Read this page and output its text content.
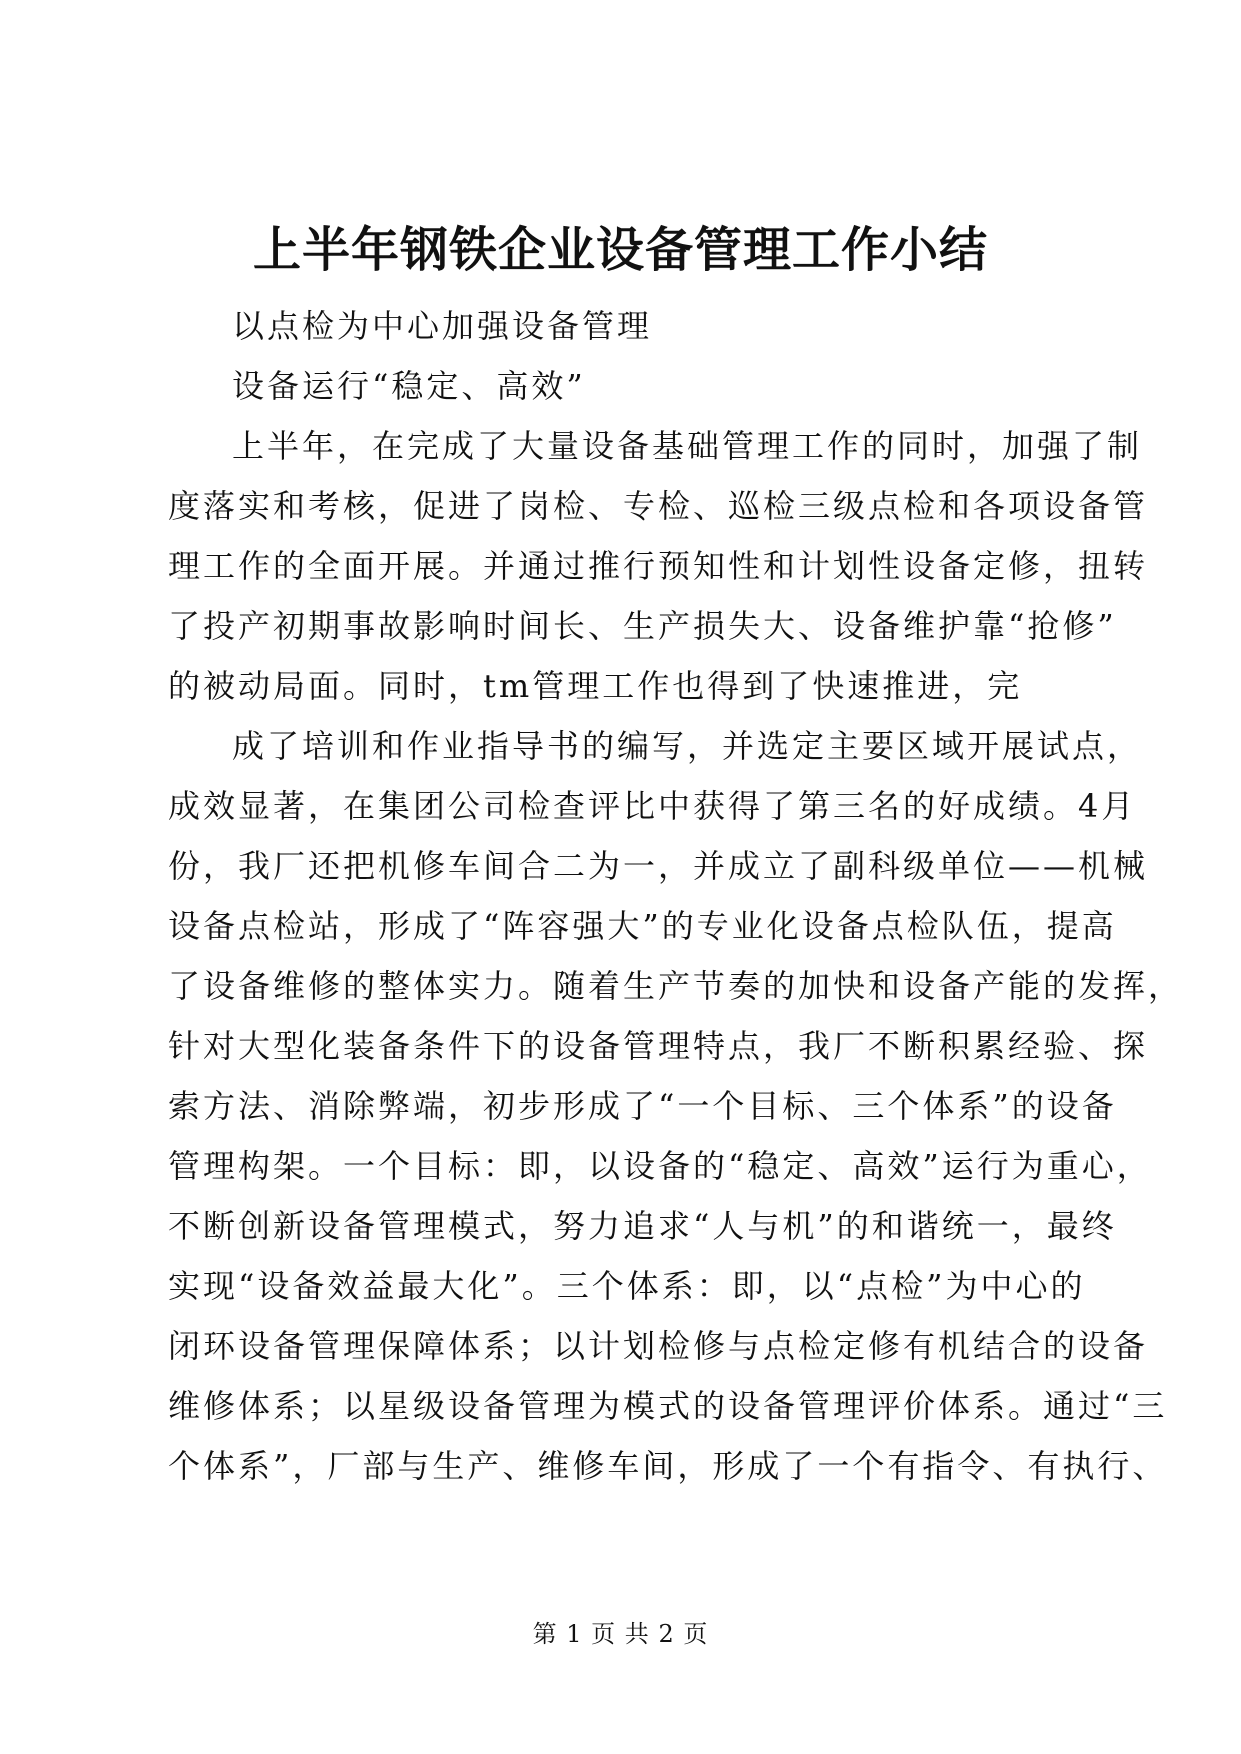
上半年钢铁企业设备管理工作小结

以点检为中心加强设备管理

设备运行“稳定、高效”

上半年，在完成了大量设备基础管理工作的同时，加强了制
度落实和考核，促进了岗检、专检、巡检三级点检和各项设备管
理工作的全面开展。并通过推行预知性和计划性设备定修，扭转
了投产初期事故影响时间长、生产损失大、设备维护靠“抢修”
的被动局面。同时，tm管理工作也得到了快速推进，完
成了培训和作业指导书的编写，并选定主要区域开展试点，
成效显著，在集团公司检查评比中获得了第三名的好成绩。4月
份，我厂还把机修车间合二为一，并成立了副科级单位——机械
设备点检站，形成了“阵容强大”的专业化设备点检队伍，提高
了设备维修的整体实力。随着生产节奏的加快和设备产能的发挥，
针对大型化装备条件下的设备管理特点，我厂不断积累经验、探
索方法、消除弊端，初步形成了“一个目标、三个体系”的设备
管理构架。一个目标：即，以设备的“稳定、高效”运行为重心，
不断创新设备管理模式，努力追求“人与机”的和谐统一，最终
实现“设备效益最大化”。三个体系：即，以“点检”为中心的
闭环设备管理保障体系；以计划检修与点检定修有机结合的设备
维修体系；以星级设备管理为模式的设备管理评价体系。通过“三
个体系”，厂部与生产、维修车间，形成了一个有指令、有执行、
第 1 页 共 2 页
